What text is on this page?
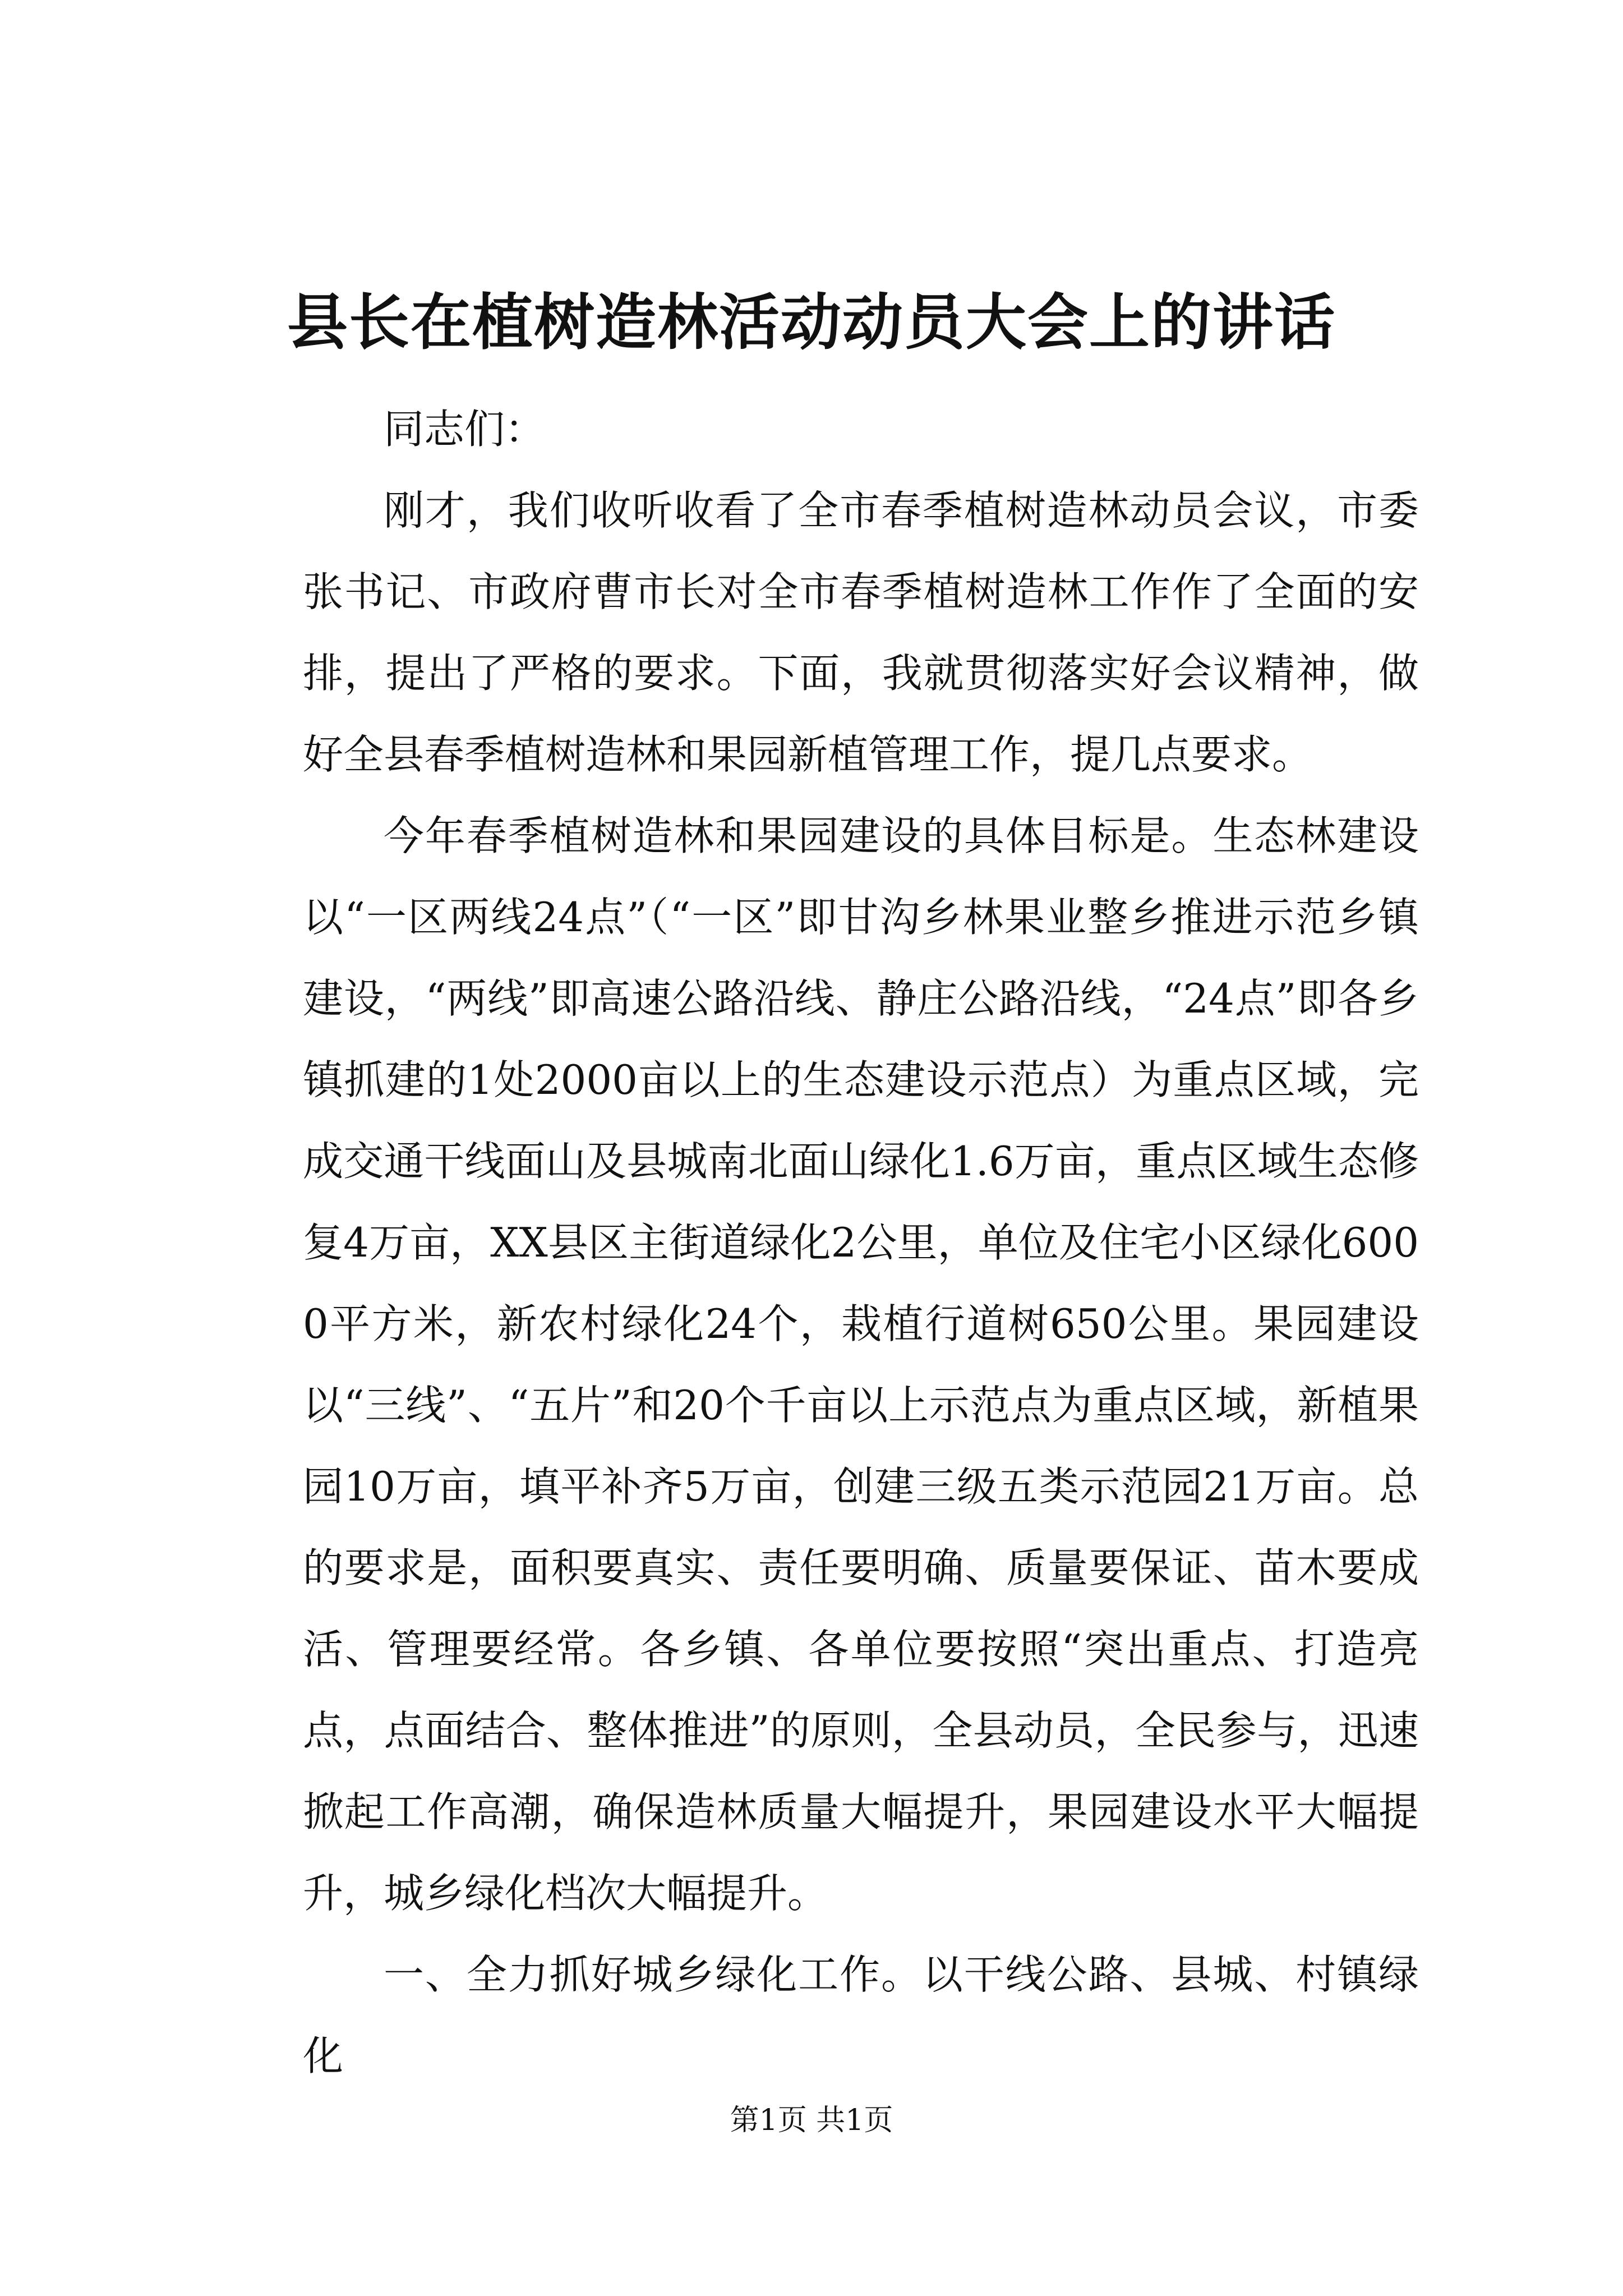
县长在植树造林活动动员大会上的讲话

同志们：

刚才，我们收听收看了全市春季植树造林动员会议，市委张书记、市政府曹市长对全市春季植树造林工作作了全面的安排，提出了严格的要求。下面，我就贯彻落实好会议精神，做好全县春季植树造林和果园新植管理工作，提几点要求。

今年春季植树造林和果园建设的具体目标是。生态林建设以“一区两线24点”（“一区”即甘沟乡林果业整乡推进示范乡镇建设，“两线”即高速公路沿线、静庄公路沿线，“24点”即各乡镇抓建的1处2000亩以上的生态建设示范点）为重点区域，完成交通干线面山及县城南北面山绿化1.6万亩，重点区域生态修复4万亩，XX县区主街道绿化2公里，单位及住宅小区绿化6000平方米，新农村绿化24个，栽植行道树650公里。果园建设以“三线”、“五片”和20个千亩以上示范点为重点区域，新植果园10万亩，填平补齐5万亩，创建三级五类示范园21万亩。总的要求是，面积要真实、责任要明确、质量要保证、苗木要成活、管理要经常。各乡镇、各单位要按照“突出重点、打造亮点，点面结合、整体推进”的原则，全县动员，全民参与，迅速掀起工作高潮，确保造林质量大幅提升，果园建设水平大幅提升，城乡绿化档次大幅提升。

一、全力抓好城乡绿化工作。以干线公路、县城、村镇绿化

第1页 共1页
